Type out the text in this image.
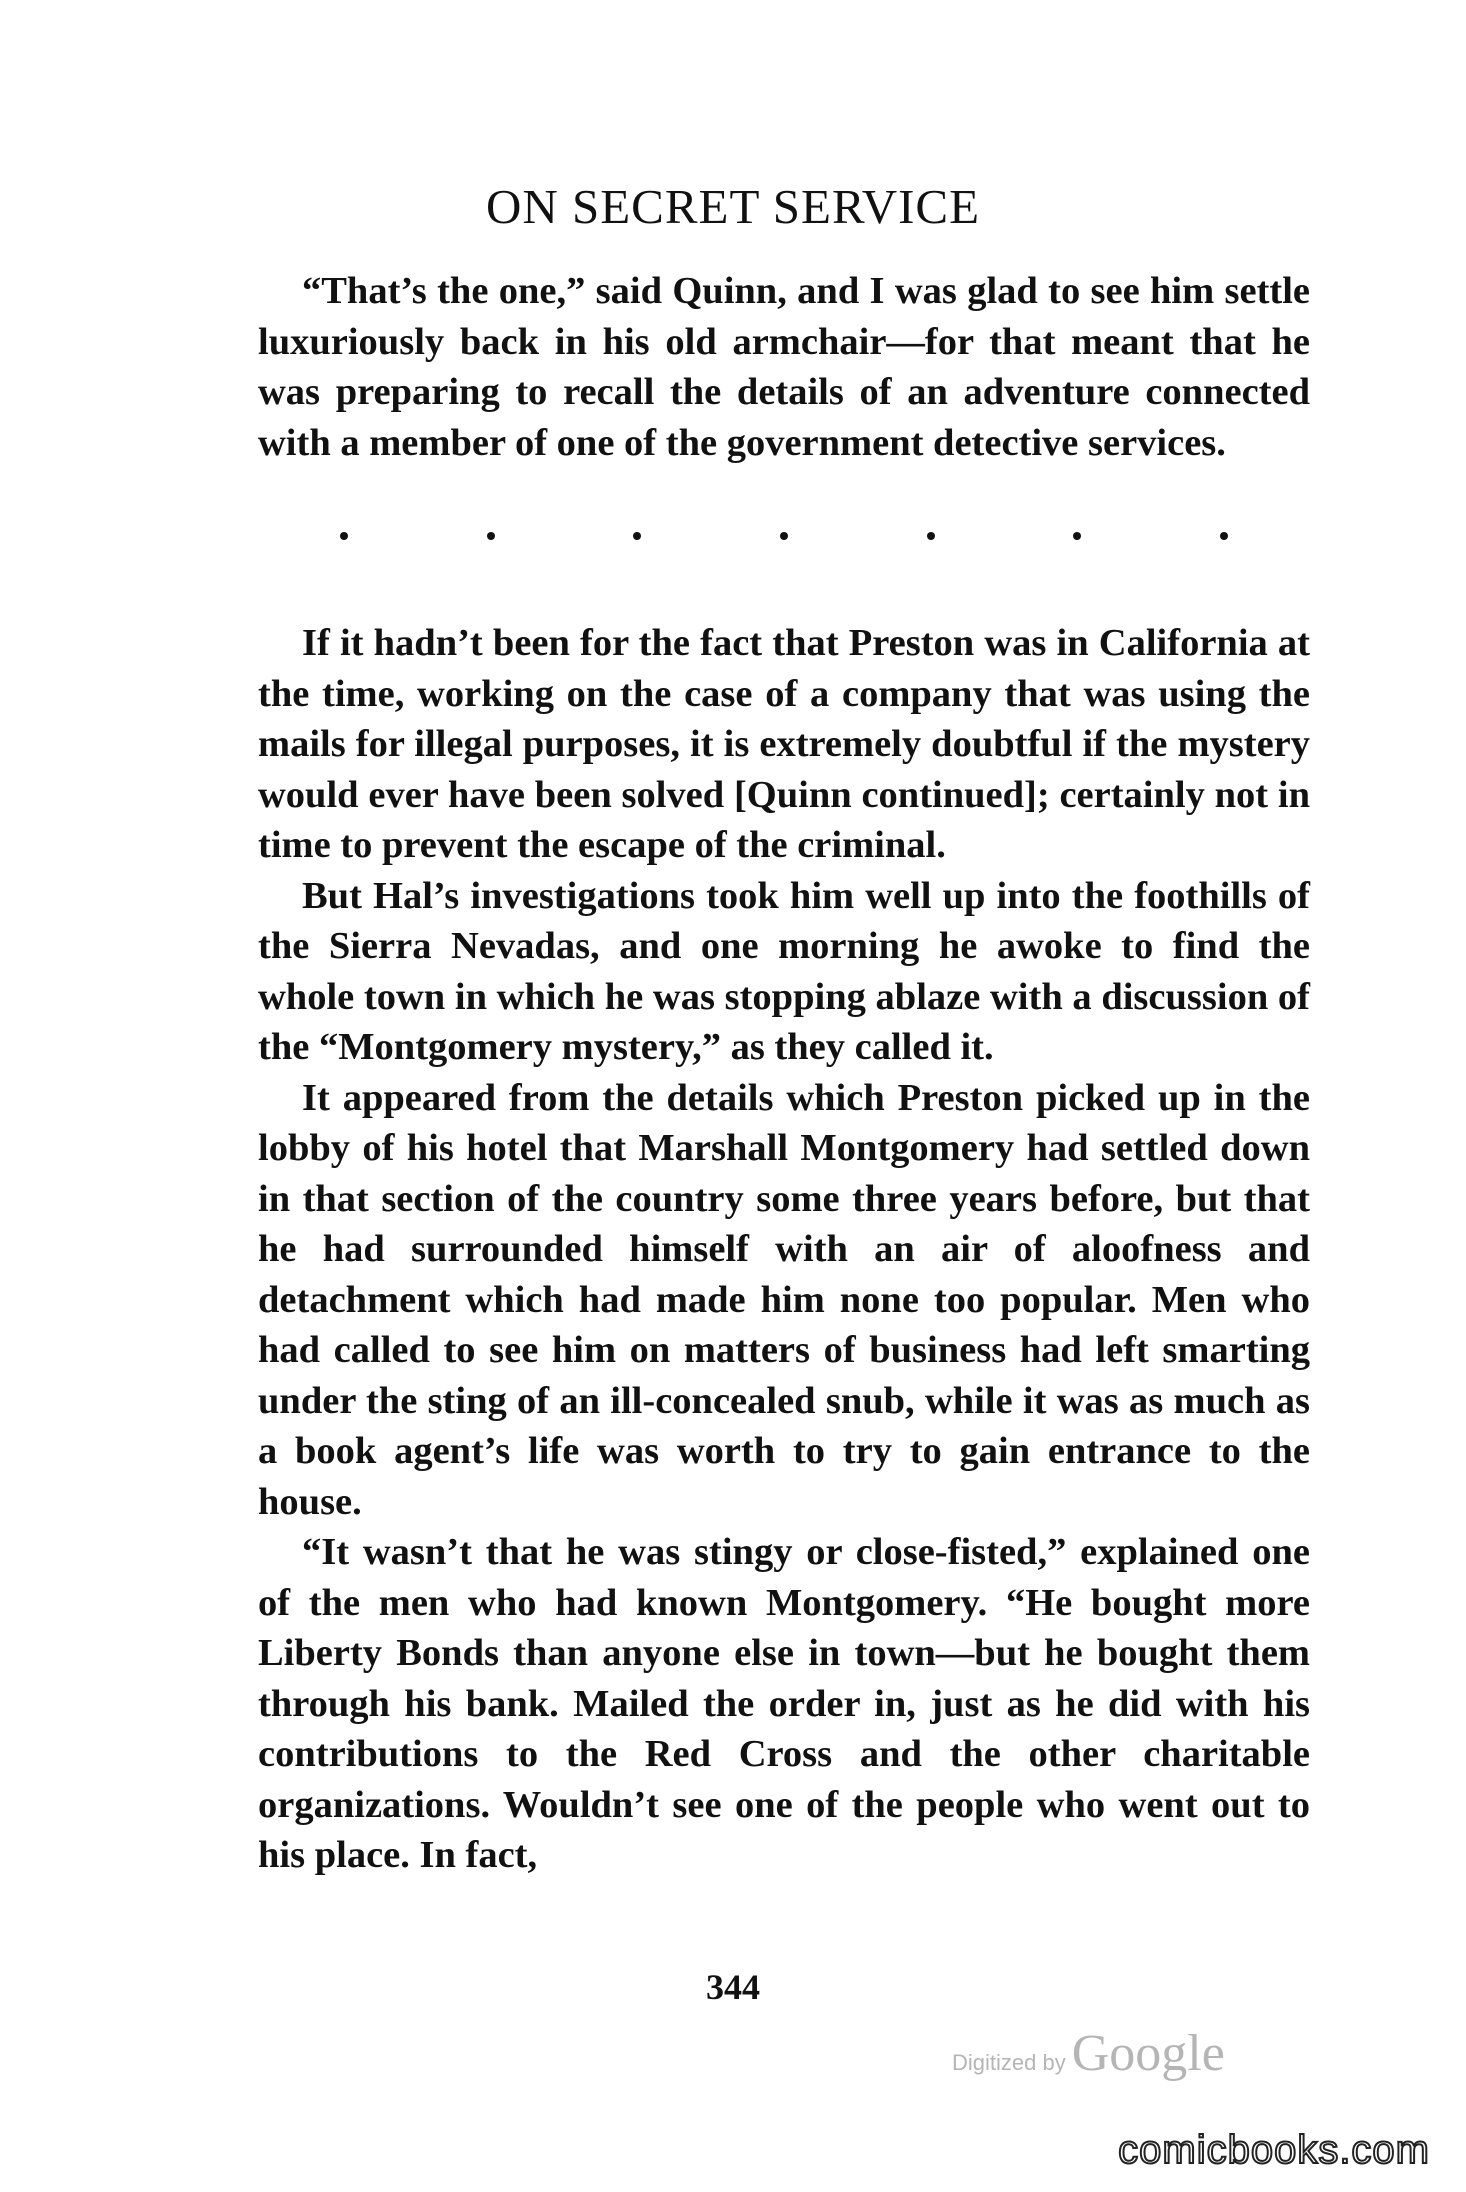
ON SECRET SERVICE

“That’s the one,” said Quinn, and I was glad to see him settle luxuriously back in his old armchair—for that meant that he was preparing to recall the details of an adventure connected with a member of one of the government detective services.

If it hadn’t been for the fact that Preston was in California at the time, working on the case of a company that was using the mails for illegal purposes, it is extremely doubtful if the mystery would ever have been solved [Quinn continued]; certainly not in time to prevent the escape of the criminal.

But Hal’s investigations took him well up into the foothills of the Sierra Nevadas, and one morning he awoke to find the whole town in which he was stopping ablaze with a discussion of the “Montgomery mystery,” as they called it.

It appeared from the details which Preston picked up in the lobby of his hotel that Marshall Montgomery had settled down in that section of the country some three years before, but that he had surrounded himself with an air of aloofness and detachment which had made him none too popular. Men who had called to see him on matters of business had left smarting under the sting of an ill-concealed snub, while it was as much as a book agent’s life was worth to try to gain entrance to the house.

“It wasn’t that he was stingy or close-fisted,” explained one of the men who had known Montgomery. “He bought more Liberty Bonds than anyone else in town—but he bought them through his bank. Mailed the order in, just as he did with his contributions to the Red Cross and the other charitable organizations. Wouldn’t see one of the people who went out to his place. In fact,

344
Digitized by Google
comicbooks.com
